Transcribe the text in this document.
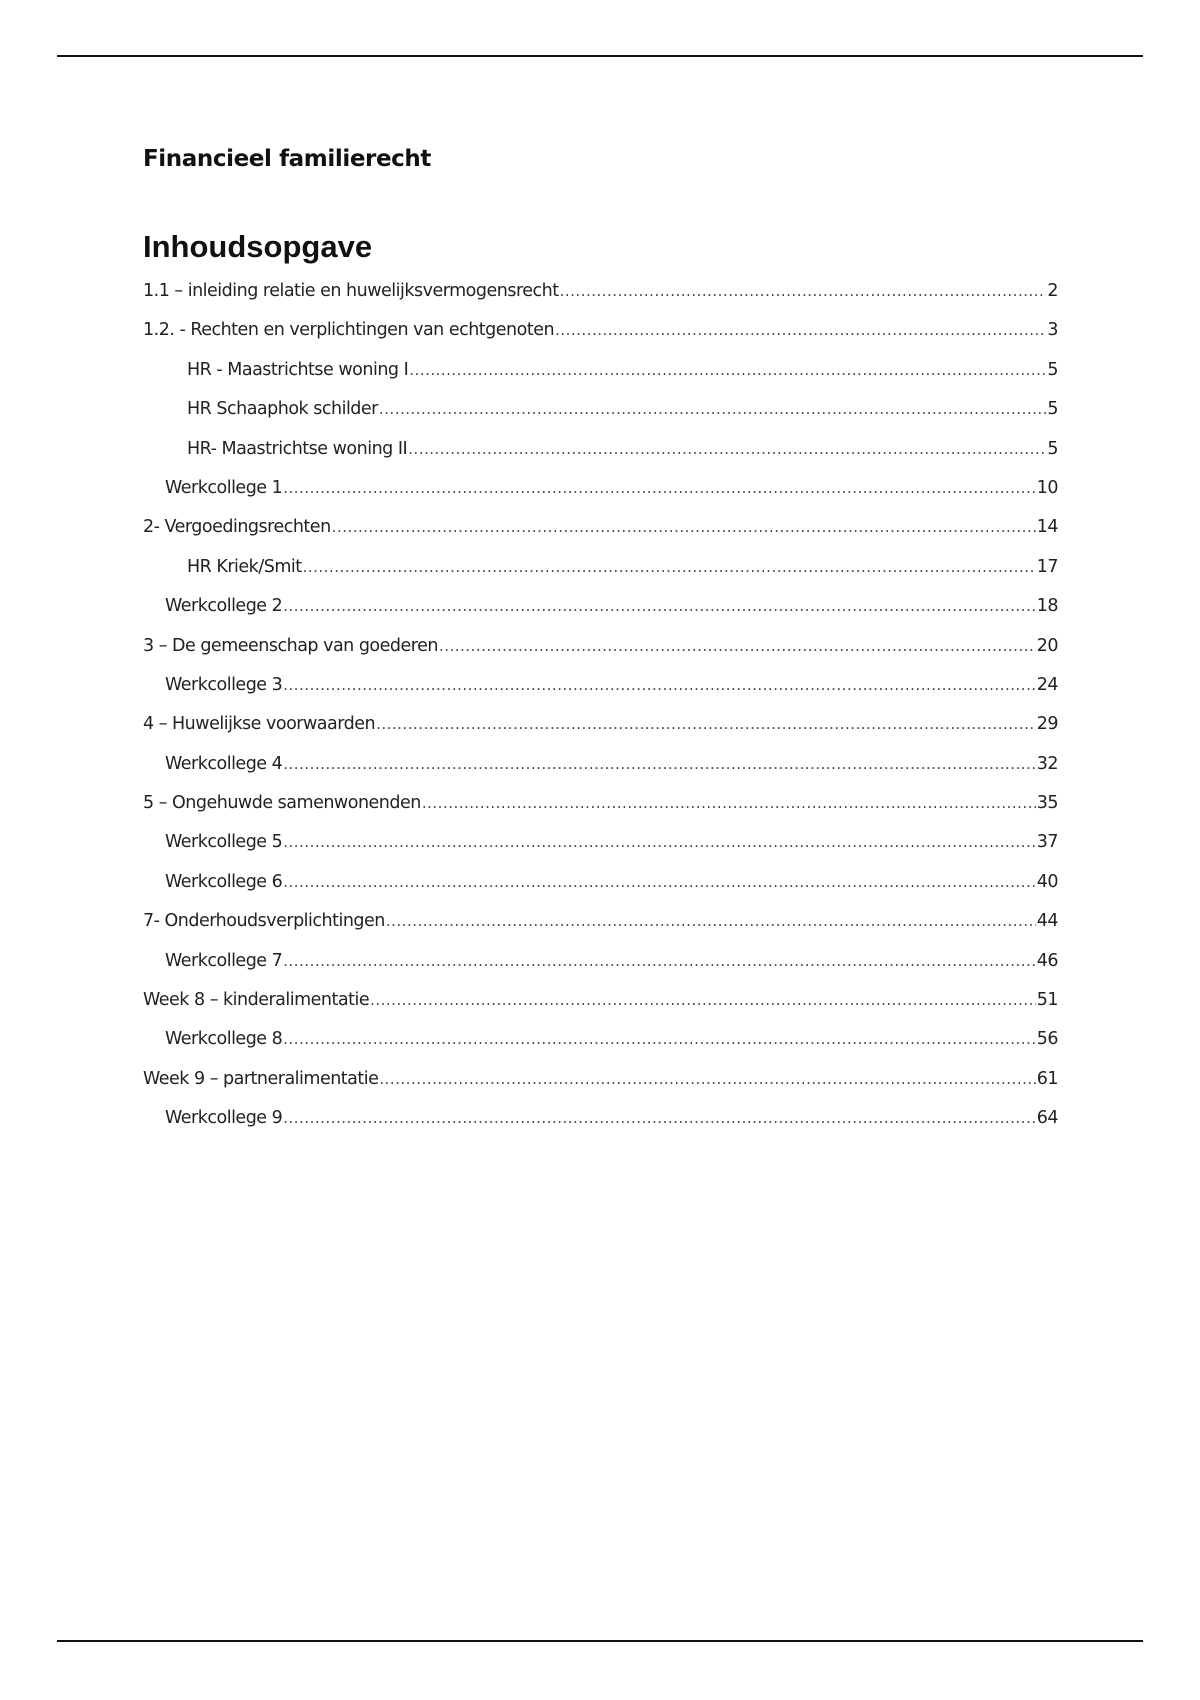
Financieel familierecht
Inhoudsopgave
1.1 – inleiding relatie en huwelijksvermogensrecht .....	2
1.2. - Rechten en verplichtingen van echtgenoten .....	3
HR - Maastrichtse woning I .....	5
HR Schaaphok schilder .....	5
HR- Maastrichtse woning II .....	5
Werkcollege 1 .....	10
2- Vergoedingsrechten .....	14
HR Kriek/Smit .....	17
Werkcollege 2 .....	18
3 – De gemeenschap van goederen .....	20
Werkcollege 3 .....	24
4 – Huwelijkse voorwaarden .....	29
Werkcollege 4 .....	32
5 – Ongehuwde samenwonenden .....	35
Werkcollege 5 .....	37
Werkcollege 6 .....	40
7- Onderhoudsverplichtingen .....	44
Werkcollege 7 .....	46
Week 8 – kinderalimentatie .....	51
Werkcollege 8 .....	56
Week 9 – partneralimentatie .....	61
Werkcollege 9 .....	64
